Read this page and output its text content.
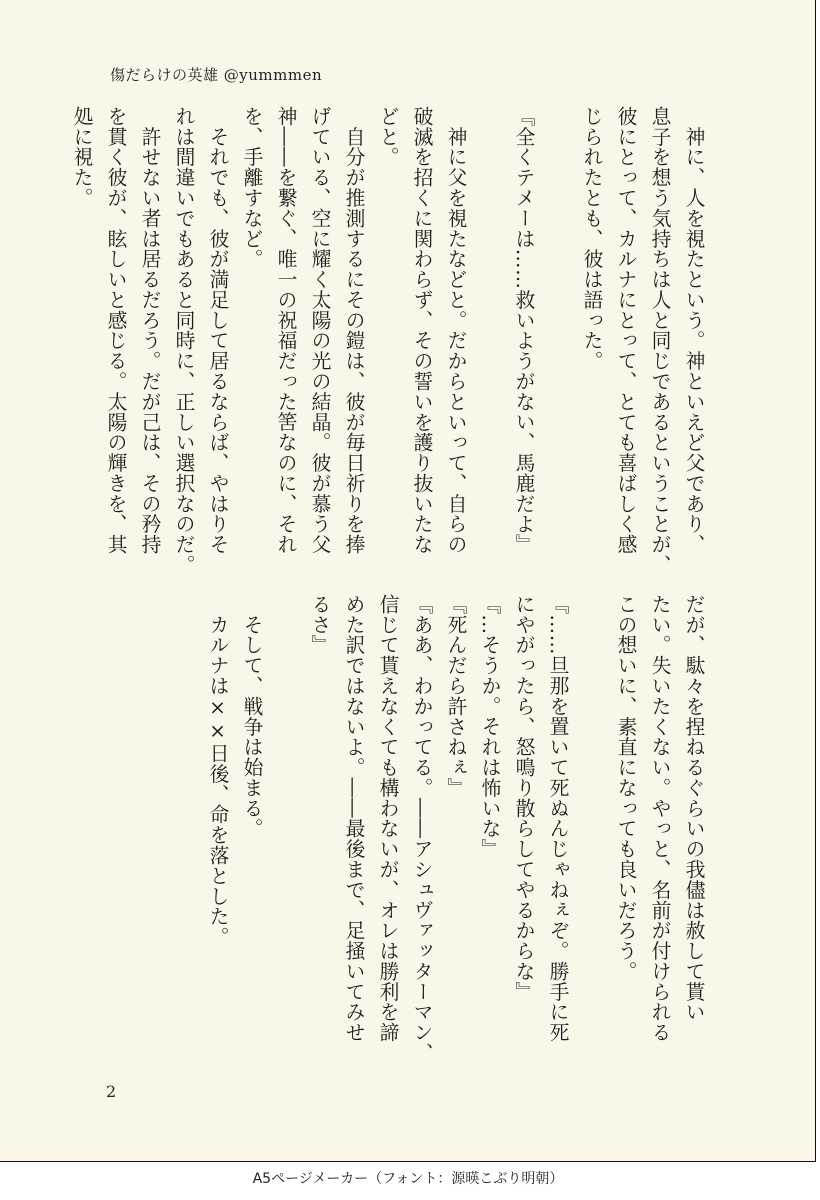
傷だらけの英雄 @yummmen
　神に、人を視たという。神といえど父であり、
息子を想う気持ちは人と同じであるということが、
彼にとって、カルナにとって、とても喜ばしく感
じられたとも、彼は語った。
『全くテメーは……救いようがない、馬鹿だよ』
　神に父を視たなどと。だからといって、自らの
破滅を招くに関わらず、その誓いを護り抜いたな
どと。
　自分が推測するにその鎧は、彼が毎日祈りを捧
げている、空に耀く太陽の光の結晶。彼が慕う父
神――を繋ぐ、唯一の祝福だった筈なのに、それ
を、手離すなど。
　それでも、彼が満足して居るならば、やはりそ
れは間違いでもあると同時に、正しい選択なのだ。
　許せない者は居るだろう。だが己は、その矜持
を貫く彼が、眩しいと感じる。太陽の輝きを、其
処に視た。
だが、駄々を捏ねるぐらいの我儘は赦して貰い
たい。失いたくない。やっと、名前が付けられる
この想いに、素直になっても良いだろう。
『……旦那を置いて死ぬんじゃねぇぞ。勝手に死
にやがったら、怒鳴り散らしてやるからな』
『…そうか。それは怖いな』
『死んだら許さねぇ』
『ああ、わかってる。――アシュヴァッターマン、
信じて貰えなくても構わないが、オレは勝利を諦
めた訳ではないよ。――最後まで、足掻いてみせ
るさ』
　そして、戦争は始まる。
　カルナは××日後、命を落とした。
2
A5ページメーカー（フォント：源暎こぶり明朝）
